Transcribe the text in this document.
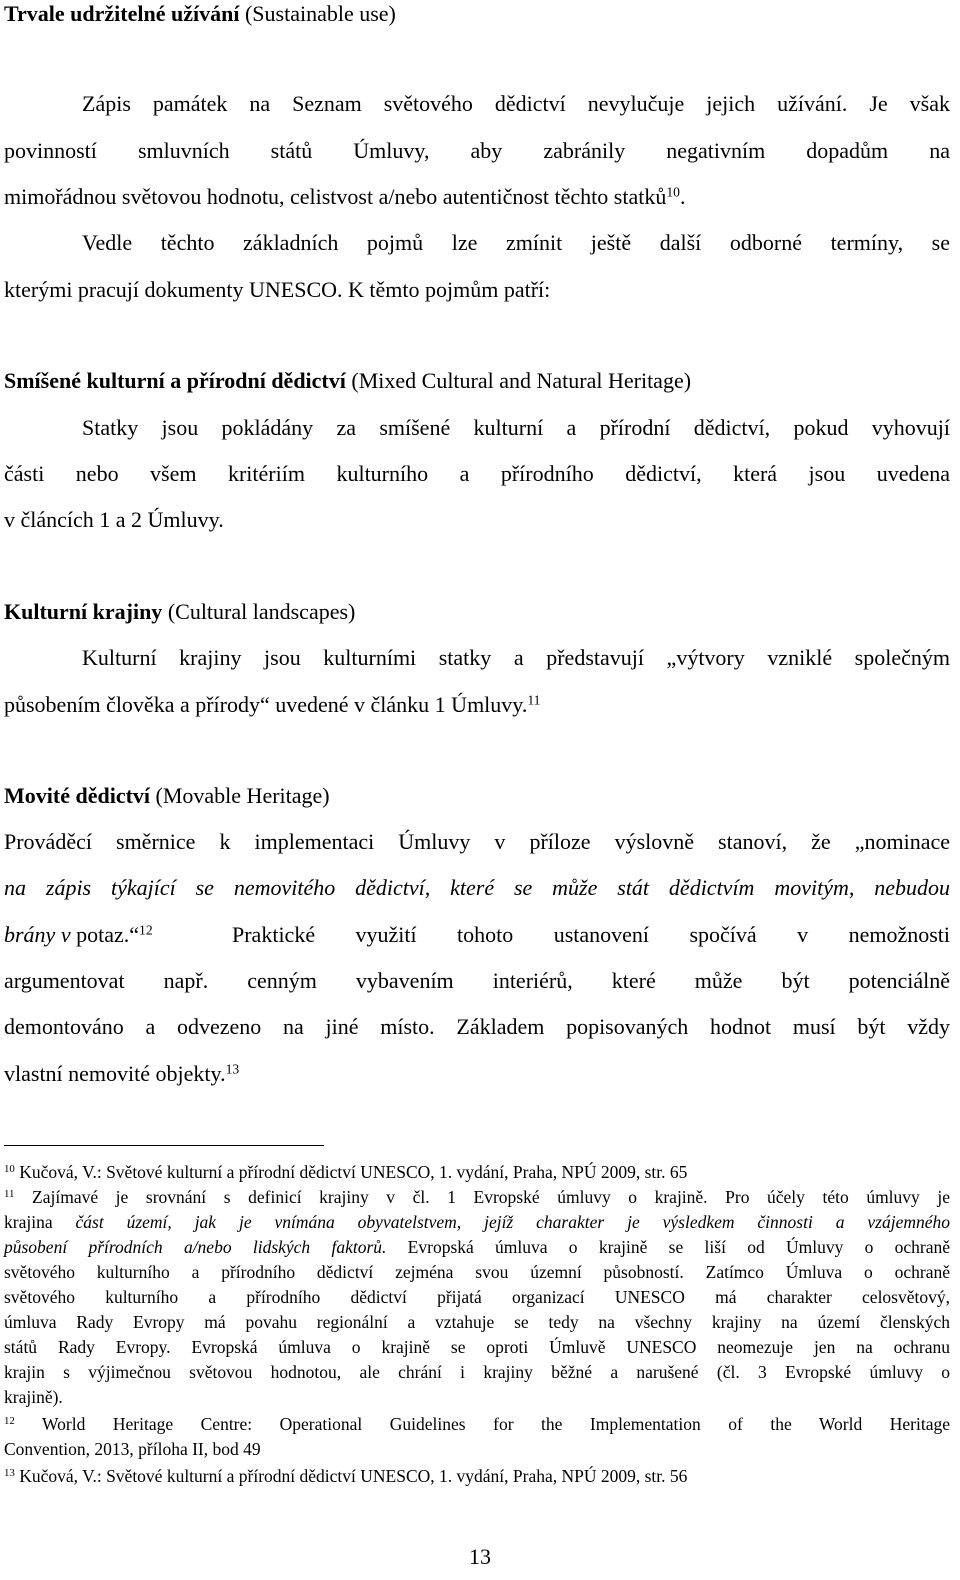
Trvale udržitelné užívání (Sustainable use)
Zápis památek na Seznam světového dědictví nevylučuje jejich užívání. Je však
povinností smluvních států Úmluvy, aby zabránily negativním dopadům na
mimořádnou světovou hodnotu, celistvost a/nebo autentičnost těchto statků$^{10}$.
Vedle těchto základních pojmů lze zmínit ještě další odborné termíny, se
kterými pracují dokumenty UNESCO. K těmto pojmům patří:
Smíšené kulturní a přírodní dědictví (Mixed Cultural and Natural Heritage)
Statky jsou pokládány za smíšené kulturní a přírodní dědictví, pokud vyhovují
části nebo všem kritériím kulturního a přírodního dědictví, která jsou uvedena
v článcích 1 a 2 Úmluvy.
Kulturní krajiny (Cultural landscapes)
Kulturní krajiny jsou kulturními statky a představují „výtvory vzniklé společným
působením člověka a přírody“ uvedené v článku 1 Úmluvy.$^{11}$
Movité dědictví (Movable Heritage)
Prováděcí směrnice k implementaci Úmluvy v příloze výslovně stanoví, že „nominace
na zápis týkající se nemovitého dědictví, které se může stát dědictvím movitým, nebudou
brány v potaz.“$^{12}$	Praktické využití tohoto ustanovení spočívá v nemožnosti
argumentovat např. cenným vybavením interiérů, které může být potenciálně
demontováno a odvezeno na jiné místo. Základem popisovaných hodnot musí být vždy
vlastní nemovité objekty.$^{13}$
$^{10}$ Kučová, V.: Světové kulturní a přírodní dědictví UNESCO, 1. vydání, Praha, NPÚ 2009, str. 65
$^{11}$ Zajímavé je srovnání s definicí krajiny v čl. 1 Evropské úmluvy o krajině. Pro účely této úmluvy je
krajina část území, jak je vnímána obyvatelstvem, jejíž charakter je výsledkem činnosti a vzájemného
působení přírodních a/nebo lidských faktorů. Evropská úmluva o krajině se liší od Úmluvy o ochraně
světového kulturního a přírodního dědictví zejména svou územní působností. Zatímco Úmluva o ochraně
světového kulturního a přírodního dědictví přijatá organizací UNESCO má charakter celosvětový,
úmluva Rady Evropy má povahu regionální a vztahuje se tedy na všechny krajiny na území členských
států Rady Evropy. Evropská úmluva o krajině se oproti Úmluvě UNESCO neomezuje jen na ochranu
krajin s výjimečnou světovou hodnotou, ale chrání i krajiny běžné a narušené (čl. 3 Evropské úmluvy o
krajině).
$^{12}$ World Heritage Centre: Operational Guidelines for the Implementation of the World Heritage
Convention, 2013, příloha II, bod 49
$^{13}$ Kučová, V.: Světové kulturní a přírodní dědictví UNESCO, 1. vydání, Praha, NPÚ 2009, str. 56
13
